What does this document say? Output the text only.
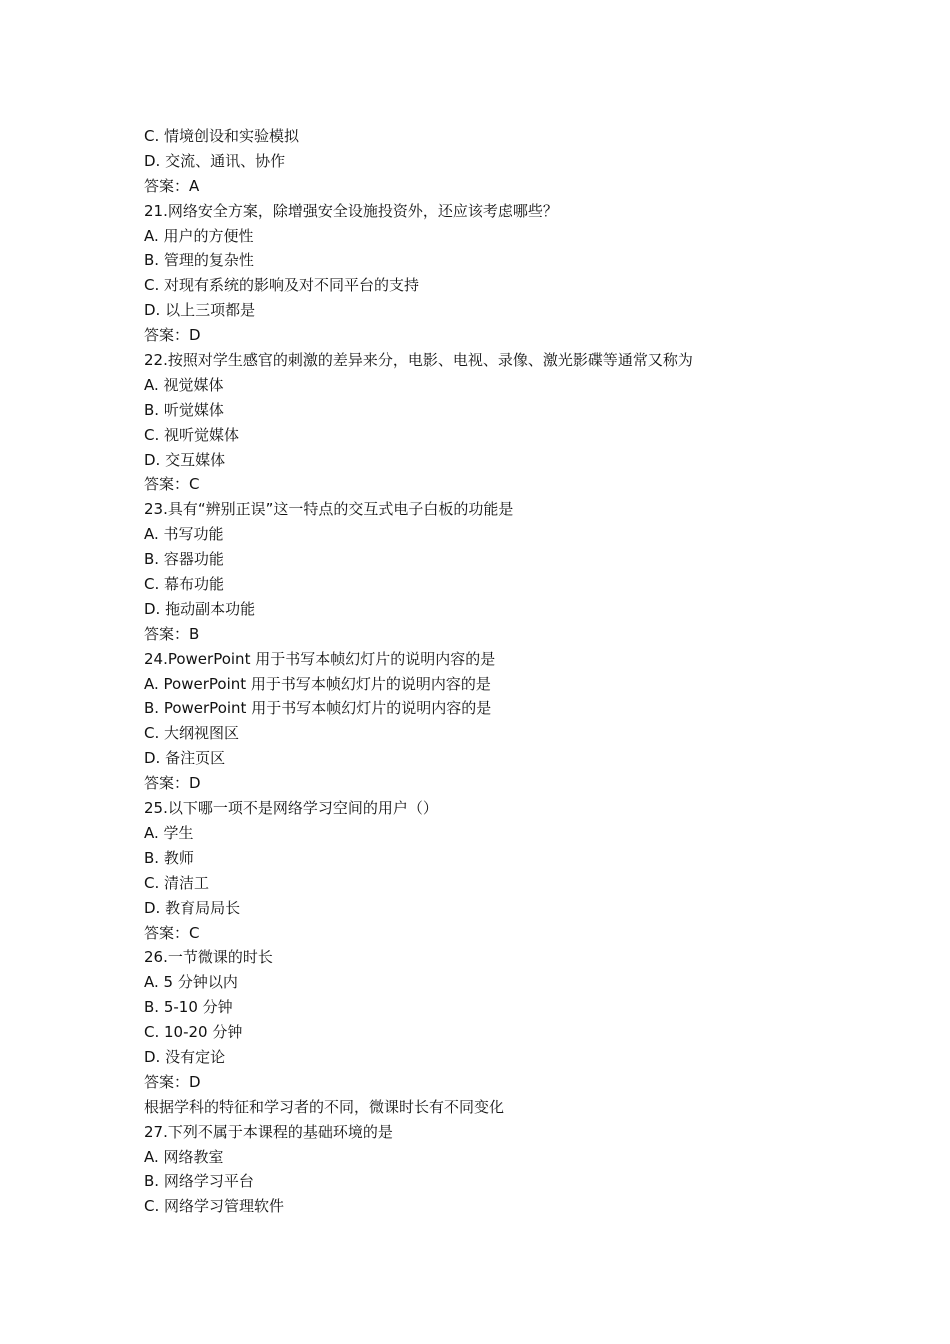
C. 情境创设和实验模拟
D. 交流、通讯、协作
答案：A
21.网络安全方案，除增强安全设施投资外，还应该考虑哪些？
A. 用户的方便性
B. 管理的复杂性
C. 对现有系统的影响及对不同平台的支持
D. 以上三项都是
答案：D
22.按照对学生感官的刺激的差异来分，电影、电视、录像、激光影碟等通常又称为
A. 视觉媒体
B. 听觉媒体
C. 视听觉媒体
D. 交互媒体
答案：C
23.具有“辨别正误”这一特点的交互式电子白板的功能是
A. 书写功能
B. 容器功能
C. 幕布功能
D. 拖动副本功能
答案：B
24.PowerPoint 用于书写本帧幻灯片的说明内容的是
A. PowerPoint 用于书写本帧幻灯片的说明内容的是
B. PowerPoint 用于书写本帧幻灯片的说明内容的是
C. 大纲视图区
D. 备注页区
答案：D
25.以下哪一项不是网络学习空间的用户（）
A. 学生
B. 教师
C. 清洁工
D. 教育局局长
答案：C
26.一节微课的时长
A. 5 分钟以内
B. 5-10 分钟
C. 10-20 分钟
D. 没有定论
答案：D
根据学科的特征和学习者的不同，微课时长有不同变化
27.下列不属于本课程的基础环境的是
A. 网络教室
B. 网络学习平台
C. 网络学习管理软件
